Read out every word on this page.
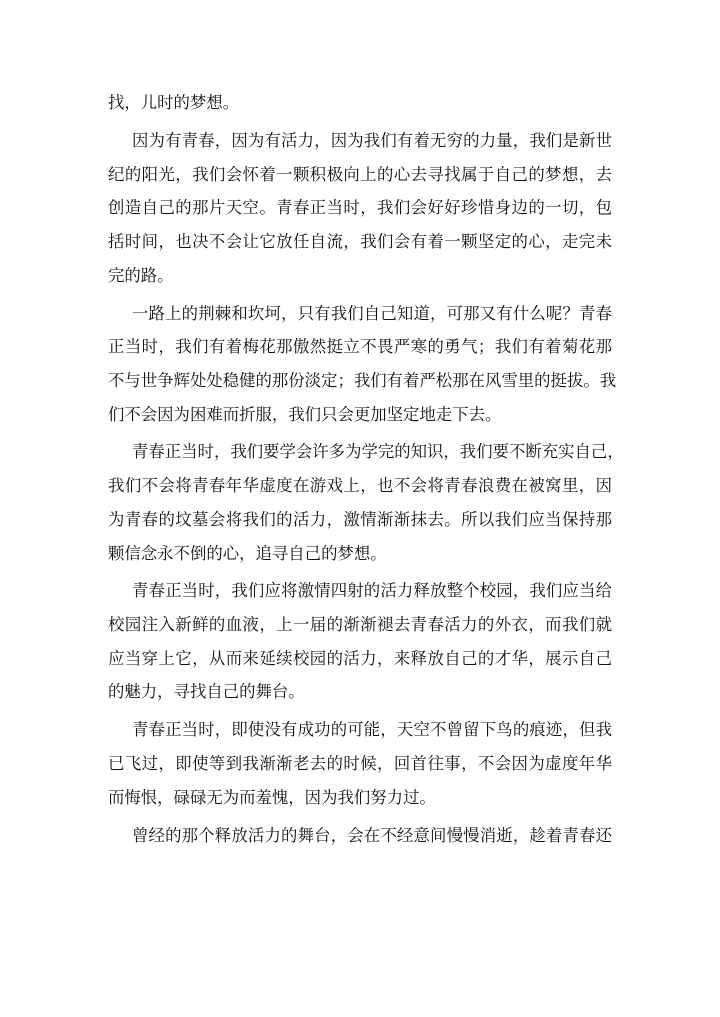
找，儿时的梦想。
因为有青春，因为有活力，因为我们有着无穷的力量，我们是新世
纪的阳光，我们会怀着一颗积极向上的心去寻找属于自己的梦想，去
创造自己的那片天空。青春正当时，我们会好好珍惜身边的一切，包
括时间，也决不会让它放任自流，我们会有着一颗坚定的心，走完未
完的路。
一路上的荆棘和坎坷，只有我们自己知道，可那又有什么呢？青春
正当时，我们有着梅花那傲然挺立不畏严寒的勇气；我们有着菊花那
不与世争辉处处稳健的那份淡定；我们有着严松那在风雪里的挺拔。我
们不会因为困难而折服，我们只会更加坚定地走下去。
青春正当时，我们要学会许多为学完的知识，我们要不断充实自己，
我们不会将青春年华虚度在游戏上，也不会将青春浪费在被窝里，因
为青春的坟墓会将我们的活力，激情渐渐抹去。所以我们应当保持那
颗信念永不倒的心，追寻自己的梦想。
青春正当时，我们应将激情四射的活力释放整个校园，我们应当给
校园注入新鲜的血液，上一届的渐渐褪去青春活力的外衣，而我们就
应当穿上它，从而来延续校园的活力，来释放自己的才华，展示自己
的魅力，寻找自己的舞台。
青春正当时，即使没有成功的可能，天空不曾留下鸟的痕迹，但我
已飞过，即使等到我渐渐老去的时候，回首往事，不会因为虚度年华
而悔恨，碌碌无为而羞愧，因为我们努力过。
曾经的那个释放活力的舞台，会在不经意间慢慢消逝，趁着青春还
